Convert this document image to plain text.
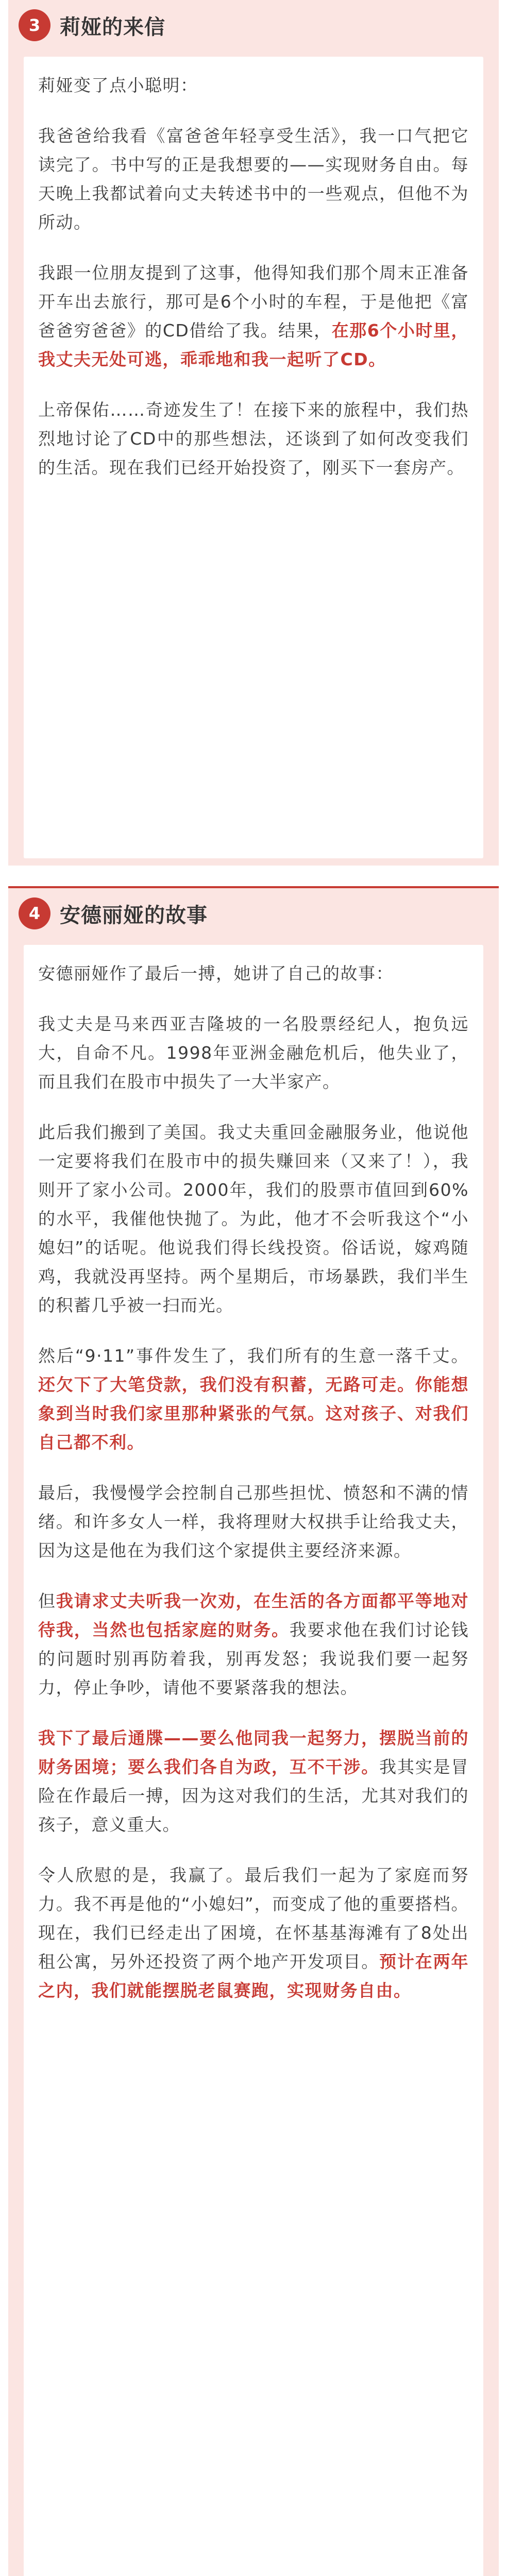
3 莉娅的来信

莉娅变了点小聪明：

我爸爸给我看《富爸爸年轻享受生活》，我一口气把它读完了。书中写的正是我想要的——实现财务自由。每天晚上我都试着向丈夫转述书中的一些观点，但他不为所动。

我跟一位朋友提到了这事，他得知我们那个周末正准备开车出去旅行，那可是6个小时的车程，于是他把《富爸爸穷爸爸》的CD借给了我。结果，在那6个小时里，我丈夫无处可逃，乖乖地和我一起听了CD。

上帝保佑……奇迹发生了！在接下来的旅程中，我们热烈地讨论了CD中的那些想法，还谈到了如何改变我们的生活。现在我们已经开始投资了，刚买下一套房产。

4 安德丽娅的故事

安德丽娅作了最后一搏，她讲了自己的故事：

我丈夫是马来西亚吉隆坡的一名股票经纪人，抱负远大，自命不凡。1998年亚洲金融危机后，他失业了，而且我们在股市中损失了一大半家产。

此后我们搬到了美国。我丈夫重回金融服务业，他说他一定要将我们在股市中的损失赚回来（又来了！），我则开了家小公司。2000年，我们的股票市值回到60%的水平，我催他快抛了。为此，他才不会听我这个“小媳妇”的话呢。他说我们得长线投资。俗话说，嫁鸡随鸡，我就没再坚持。两个星期后，市场暴跌，我们半生的积蓄几乎被一扫而光。

然后“9·11”事件发生了，我们所有的生意一落千丈。还欠下了大笔贷款，我们没有积蓄，无路可走。你能想象到当时我们家里那种紧张的气氛。这对孩子、对我们自己都不利。

最后，我慢慢学会控制自己那些担忧、愤怒和不满的情绪。和许多女人一样，我将理财大权拱手让给我丈夫，因为这是他在为我们这个家提供主要经济来源。

但我请求丈夫听我一次劝，在生活的各方面都平等地对待我，当然也包括家庭的财务。我要求他在我们讨论钱的问题时别再防着我，别再发怒；我说我们要一起努力，停止争吵，请他不要紧落我的想法。

我下了最后通牒——要么他同我一起努力，摆脱当前的财务困境；要么我们各自为政，互不干涉。我其实是冒险在作最后一搏，因为这对我们的生活，尤其对我们的孩子，意义重大。

令人欣慰的是，我赢了。最后我们一起为了家庭而努力。我不再是他的“小媳妇”，而变成了他的重要搭档。现在，我们已经走出了困境，在怀基基海滩有了8处出租公寓，另外还投资了两个地产开发项目。预计在两年之内，我们就能摆脱老鼠赛跑，实现财务自由。
